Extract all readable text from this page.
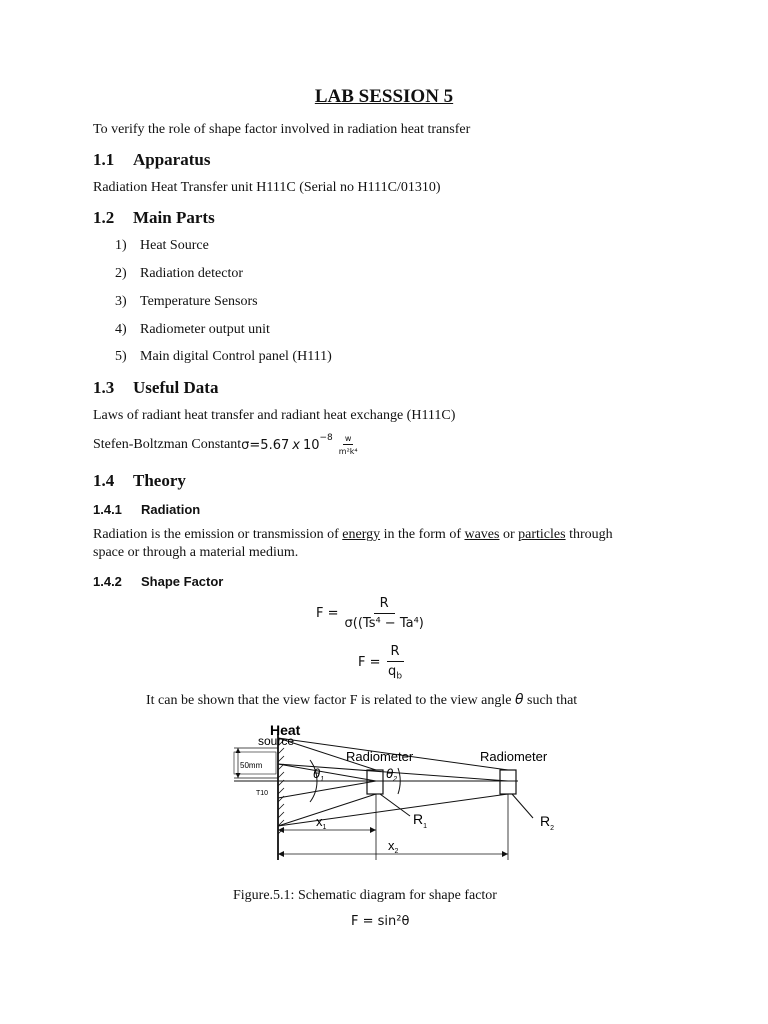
LAB SESSION 5
To verify the role of shape factor involved in radiation heat transfer
1.1 Apparatus
Radiation Heat Transfer unit H111C (Serial no H111C/01310)
1.2 Main Parts
1) Heat Source
2) Radiation detector
3) Temperature Sensors
4) Radiometer output unit
5) Main digital Control panel (H111)
1.3 Useful Data
Laws of radiant heat transfer and radiant heat exchange (H111C)
Stefen-Boltzman Constant σ =5.67 x $10^{-8} \frac{w}{\text{m²k⁴}}$
1.4 Theory
1.4.1 Radiation
Radiation is the emission or transmission of energy in the form of waves or particles through
space or through a material medium.
1.4.2 Shape Factor
$F = \frac{R}{\text{σ((Ts⁴ − Ta⁴)}}$
$F = \frac{R}{q_b}$
It can be shown that the view factor F is related to the view angle θ such that
Heat
source
50mm
T10
Radiometer	Radiometer
$\theta_1$	$\theta_2$
$x_1$
$R_1$	$R_2$
$x_2$
Figure.5.1: Schematic diagram for shape factor
F = sin²θ
